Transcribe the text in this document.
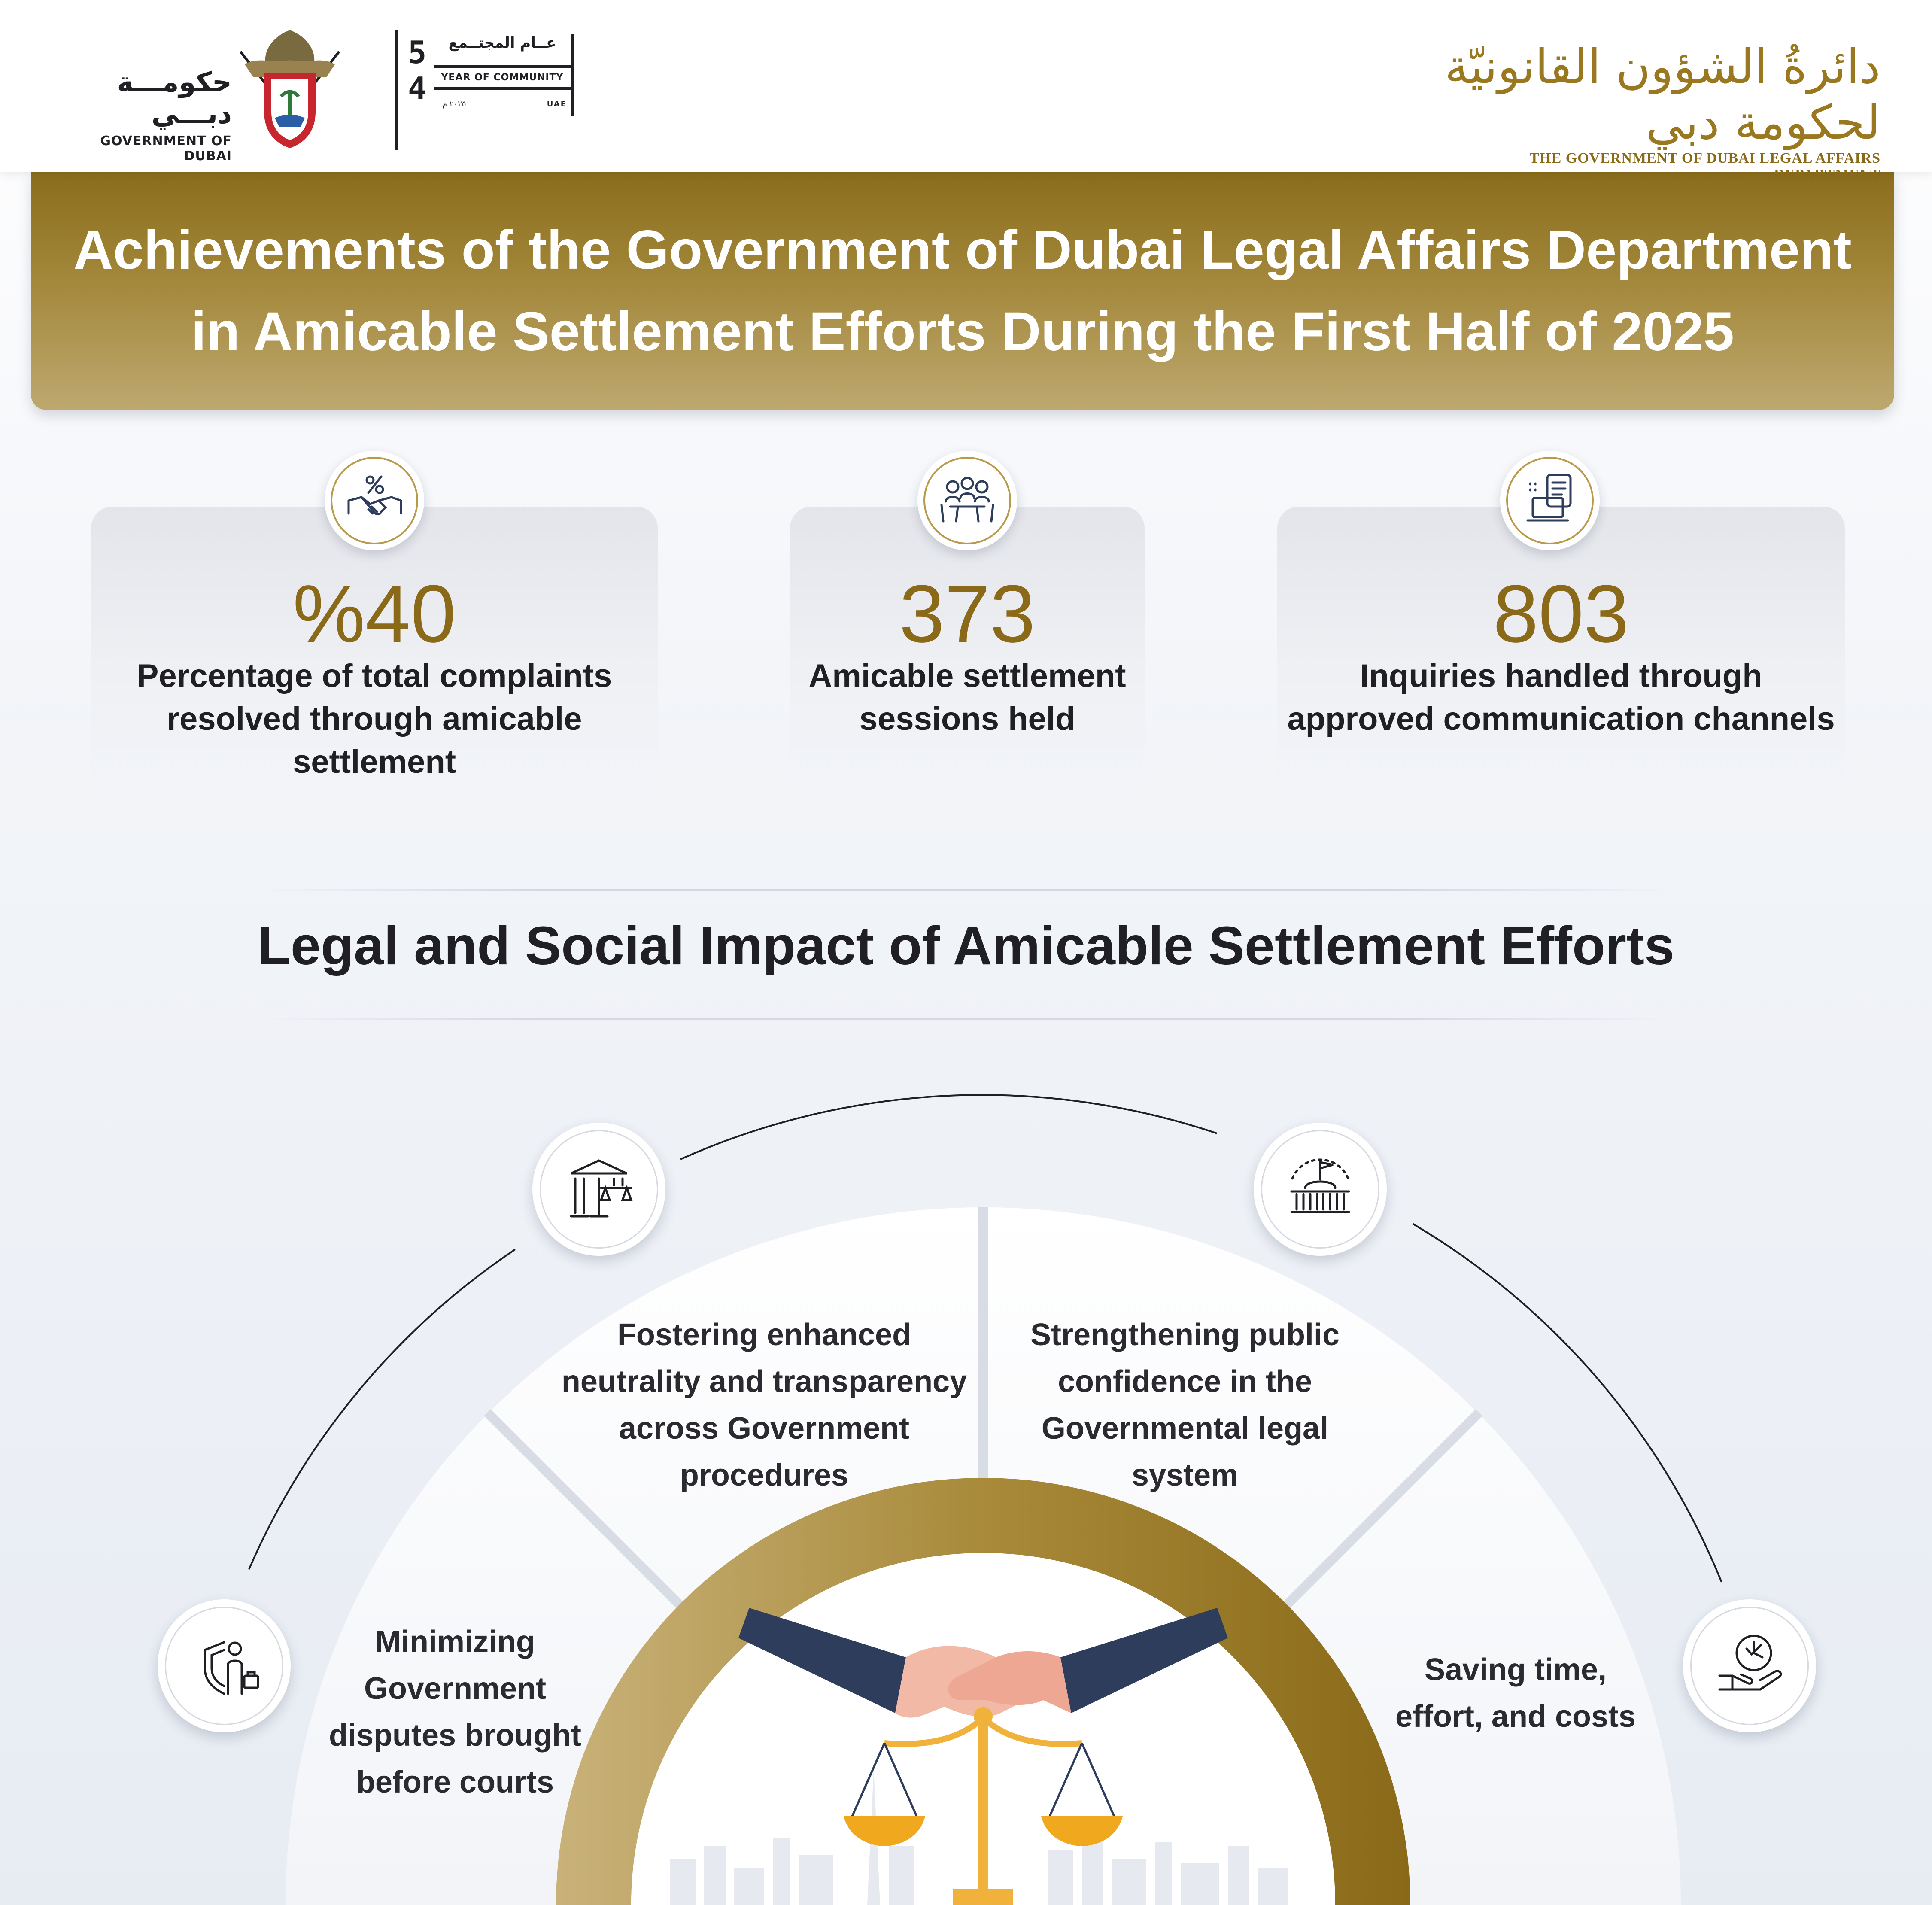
حكومـــة دبـــي
GOVERNMENT OF DUBAI
5
4
عــام المجتــمع
YEAR OF COMMUNITY
٢٠٢٥ م	UAE
دائرةُ الشؤون القانونيّة لحكومة دبي
THE GOVERNMENT OF DUBAI LEGAL AFFAIRS DEPARTMENT
Achievements of the Government of Dubai Legal Affairs Department
in Amicable Settlement Efforts During the First Half of 2025
%40
Percentage of total complaints
resolved through amicable
settlement
373
Amicable settlement
sessions held
803
Inquiries handled through
approved communication channels
Legal and Social Impact of Amicable Settlement Efforts
Minimizing
Government
disputes brought
before courts
Fostering enhanced
neutrality and transparency
across Government
procedures
Strengthening public
confidence in the
Governmental legal
system
Saving time,
effort, and costs
